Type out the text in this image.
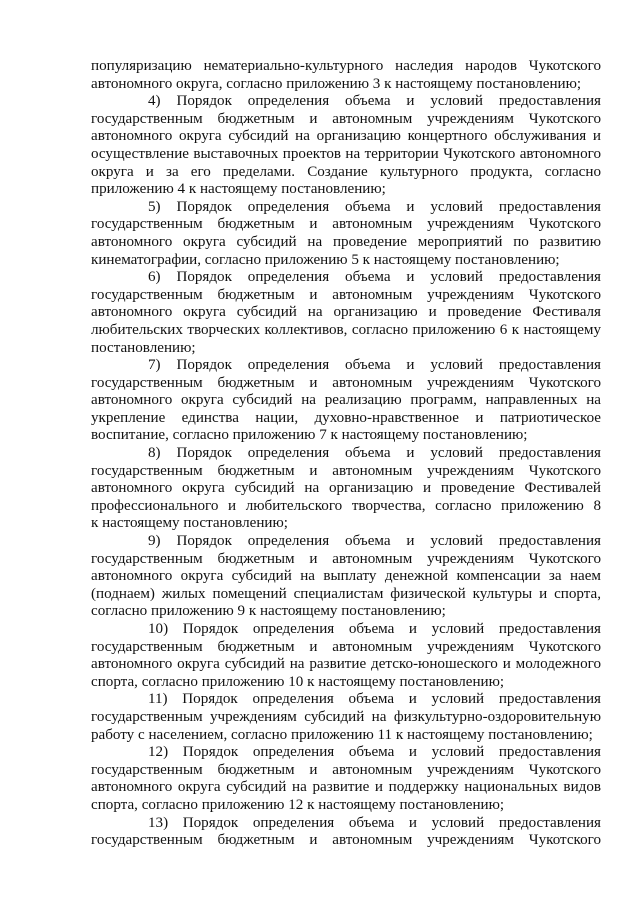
популяризацию нематериально-культурного наследия народов Чукотского

автономного округа, согласно приложению 3 к настоящему постановлению;

4) Порядок определения объема и условий предоставления

государственным бюджетным и автономным учреждениям Чукотского

автономного округа субсидий на организацию концертного обслуживания и

осуществление выставочных проектов на территории Чукотского автономного

округа и за его пределами. Создание культурного продукта, согласно

приложению 4 к настоящему постановлению;

5) Порядок определения объема и условий предоставления

государственным бюджетным и автономным учреждениям Чукотского

автономного округа субсидий на проведение мероприятий по развитию

кинематографии, согласно приложению 5 к настоящему постановлению;

6) Порядок определения объема и условий предоставления

государственным бюджетным и автономным учреждениям Чукотского

автономного округа субсидий на организацию и проведение Фестиваля

любительских творческих коллективов, согласно приложению 6 к настоящему

постановлению;

7) Порядок определения объема и условий предоставления

государственным бюджетным и автономным учреждениям Чукотского

автономного округа субсидий на реализацию программ, направленных на

укрепление единства нации, духовно-нравственное и патриотическое

воспитание, согласно приложению 7 к настоящему постановлению;

8) Порядок определения объема и условий предоставления

государственным бюджетным и автономным учреждениям Чукотского

автономного округа субсидий на организацию и проведение Фестивалей

профессионального и любительского творчества, согласно приложению 8

к настоящему постановлению;

9) Порядок определения объема и условий предоставления

государственным бюджетным и автономным учреждениям Чукотского

автономного округа субсидий на выплату денежной компенсации за наем

(поднаем) жилых помещений специалистам физической культуры и спорта,

согласно приложению 9 к настоящему постановлению;

10) Порядок определения объема и условий предоставления

государственным бюджетным и автономным учреждениям Чукотского

автономного округа субсидий на развитие детско-юношеского и молодежного

спорта, согласно приложению 10 к настоящему постановлению;

11) Порядок определения объема и условий предоставления

государственным учреждениям субсидий на физкультурно-оздоровительную

работу с населением, согласно приложению 11 к настоящему постановлению;

12) Порядок определения объема и условий предоставления

государственным бюджетным и автономным учреждениям Чукотского

автономного округа субсидий на развитие и поддержку национальных видов

спорта, согласно приложению 12 к настоящему постановлению;

13) Порядок определения объема и условий предоставления

государственным бюджетным и автономным учреждениям Чукотского
